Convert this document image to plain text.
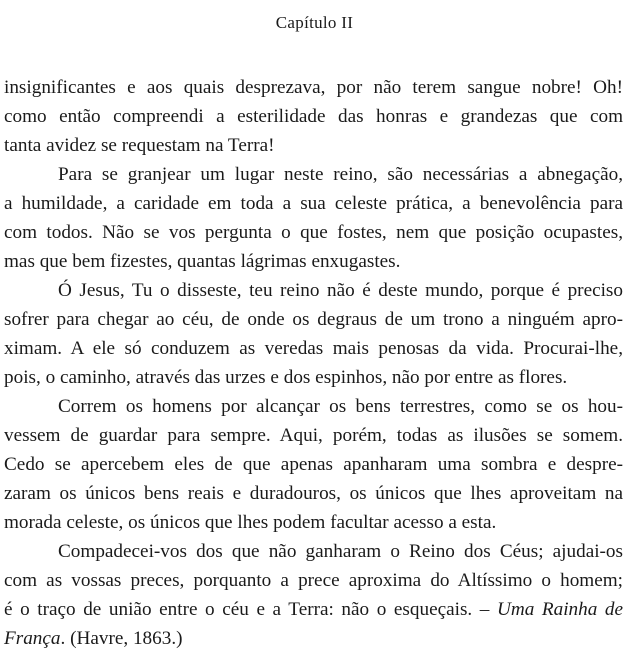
Capítulo II
insignificantes e aos quais desprezava, por não terem sangue nobre! Oh!
como então compreendi a esterilidade das honras e grandezas que com
tanta avidez se requestam na Terra!
Para se granjear um lugar neste reino, são necessárias a abnegação,
a humildade, a caridade em toda a sua celeste prática, a benevolência para
com todos. Não se vos pergunta o que fostes, nem que posição ocupastes,
mas que bem fizestes, quantas lágrimas enxugastes.
Ó Jesus, Tu o disseste, teu reino não é deste mundo, porque é preciso
sofrer para chegar ao céu, de onde os degraus de um trono a ninguém apro-
ximam. A ele só conduzem as veredas mais penosas da vida. Procurai-lhe,
pois, o caminho, através das urzes e dos espinhos, não por entre as flores.
Correm os homens por alcançar os bens terrestres, como se os hou-
vessem de guardar para sempre. Aqui, porém, todas as ilusões se somem.
Cedo se apercebem eles de que apenas apanharam uma sombra e despre-
zaram os únicos bens reais e duradouros, os únicos que lhes aproveitam na
morada celeste, os únicos que lhes podem facultar acesso a esta.
Compadecei-vos dos que não ganharam o Reino dos Céus; ajudai-os
com as vossas preces, porquanto a prece aproxima do Altíssimo o homem;
é o traço de união entre o céu e a Terra: não o esqueçais. – Uma Rainha de
França. (Havre, 1863.)
